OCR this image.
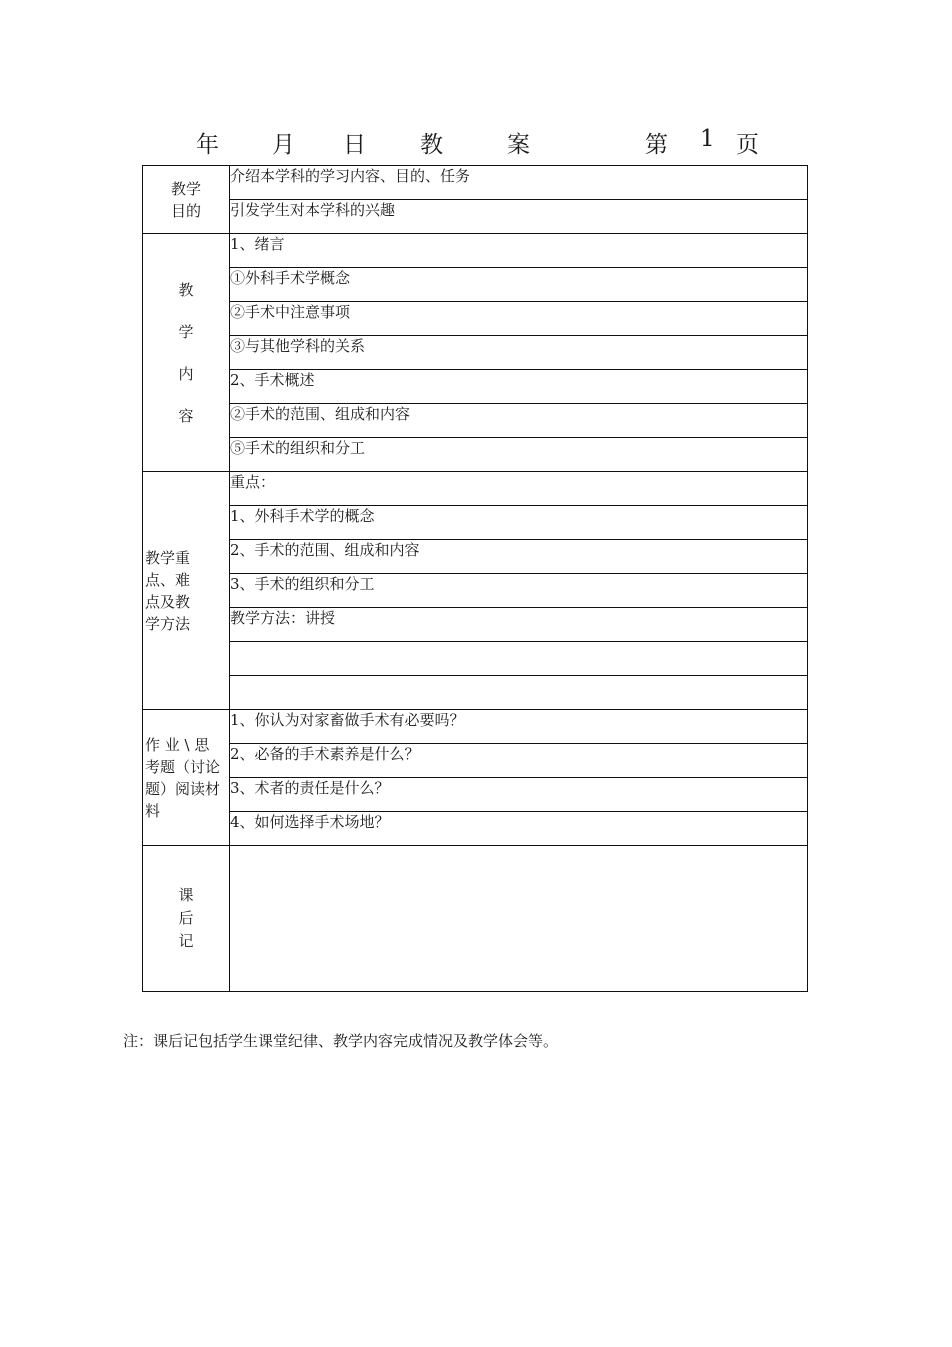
年 月 日 教	案	第 1 页
教学
目的	介绍本学科的学习内容、目的、任务
	引发学生对本学科的兴趣

教
学
内
容	1、绪言
	①外科手术学概念
	②手术中注意事项
	③与其他学科的关系
	2、手术概述
	②手术的范围、组成和内容
	⑤手术的组织和分工

教学重
点、难
点及教
学方法	重点：
	1、外科手术学的概念
	2、手术的范围、组成和内容
	3、手术的组织和分工
	教学方法：讲授

作 业 \ 思
考题（讨论
题）阅读材
料	1、你认为对家畜做手术有必要吗？
	2、必备的手术素养是什么？
	3、术者的责任是什么？
	4、如何选择手术场地？

课
后
记	

注：课后记包括学生课堂纪律、教学内容完成情况及教学体会等。
